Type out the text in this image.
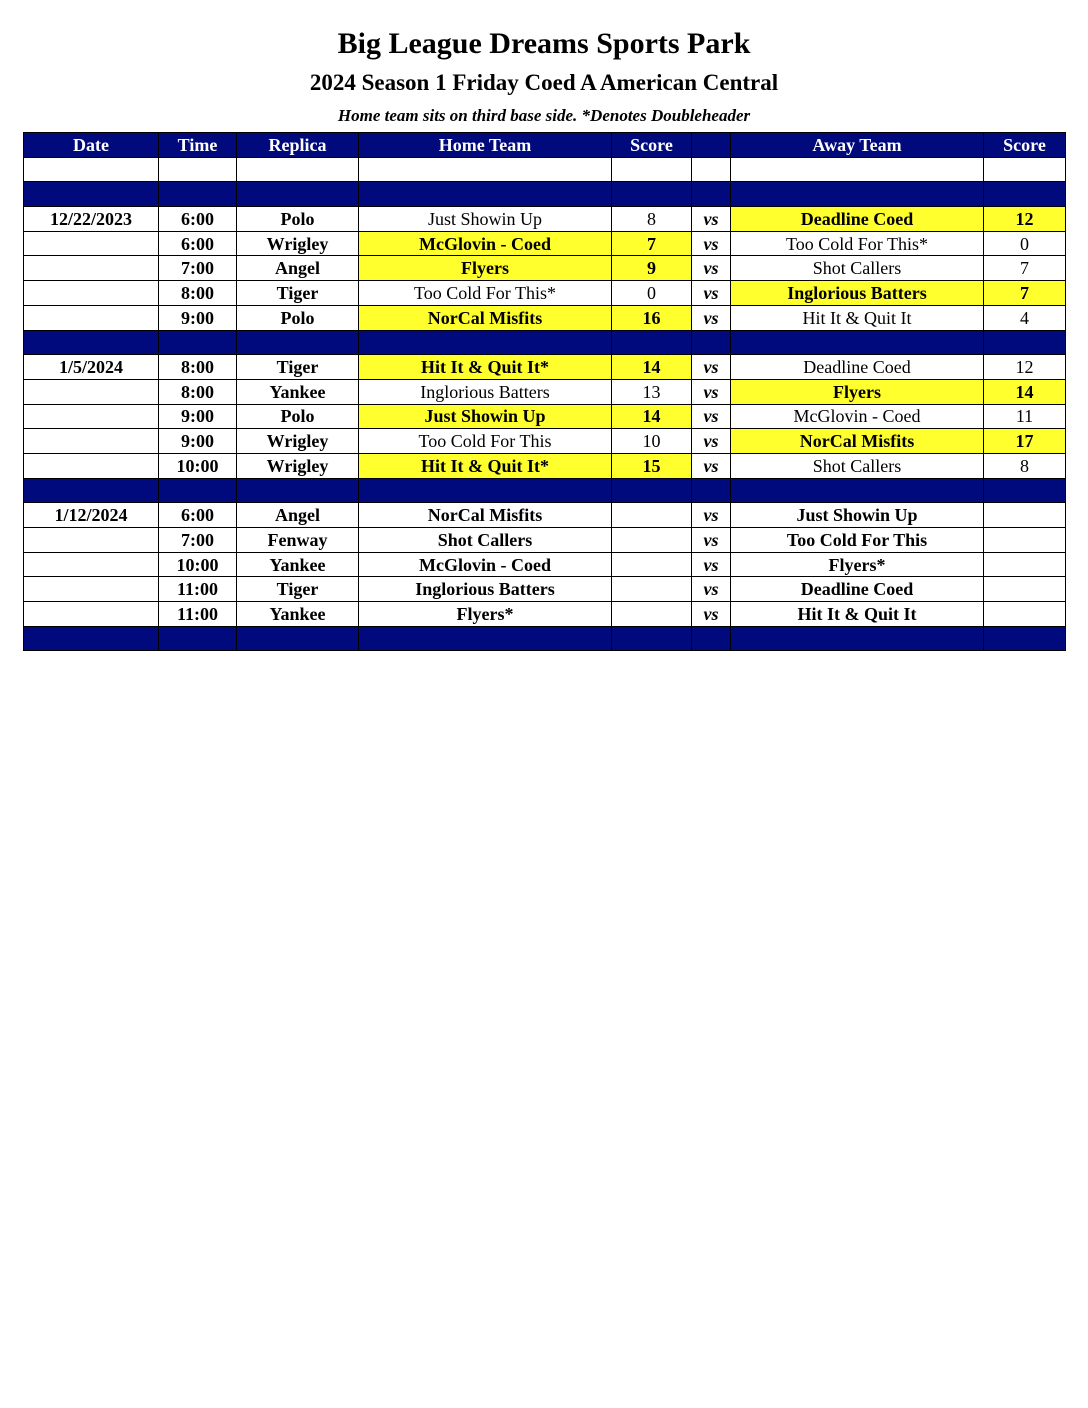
Big League Dreams Sports Park
2024 Season 1 Friday Coed A American Central
Home team sits on third base side. *Denotes Doubleheader
Date	Time	Replica	Home Team	Score		Away Team	Score

12/22/2023	6:00	Polo	Just Showin Up	8	vs	Deadline Coed	12
	6:00	Wrigley	McGlovin - Coed	7	vs	Too Cold For This*	0
	7:00	Angel	Flyers	9	vs	Shot Callers	7
	8:00	Tiger	Too Cold For This*	0	vs	Inglorious Batters	7
	9:00	Polo	NorCal Misfits	16	vs	Hit It & Quit It	4

1/5/2024	8:00	Tiger	Hit It & Quit It*	14	vs	Deadline Coed	12
	8:00	Yankee	Inglorious Batters	13	vs	Flyers	14
	9:00	Polo	Just Showin Up	14	vs	McGlovin - Coed	11
	9:00	Wrigley	Too Cold For This	10	vs	NorCal Misfits	17
	10:00	Wrigley	Hit It & Quit It*	15	vs	Shot Callers	8

1/12/2024	6:00	Angel	NorCal Misfits		vs	Just Showin Up	
	7:00	Fenway	Shot Callers		vs	Too Cold For This	
	10:00	Yankee	McGlovin - Coed		vs	Flyers*	
	11:00	Tiger	Inglorious Batters		vs	Deadline Coed	
	11:00	Yankee	Flyers*		vs	Hit It & Quit It	
